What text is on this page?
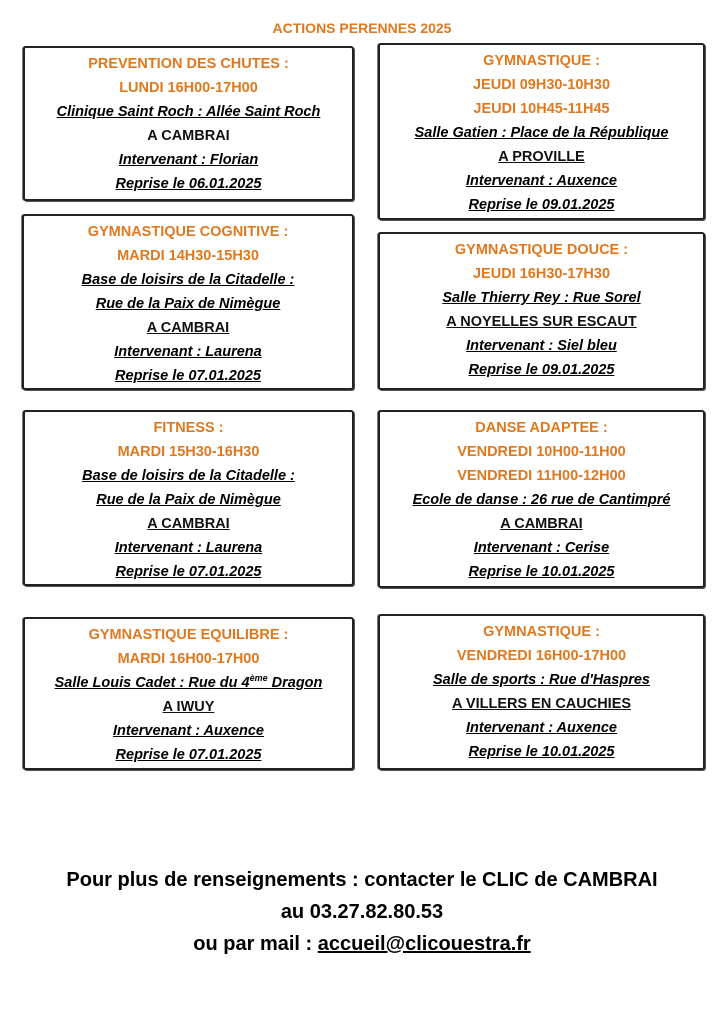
ACTIONS PERENNES 2025
PREVENTION DES CHUTES :
LUNDI 16H00-17H00
Clinique Saint Roch : Allée Saint Roch
A CAMBRAI
Intervenant : Florian
Reprise le 06.01.2025
GYMNASTIQUE :
JEUDI 09H30-10H30
JEUDI 10H45-11H45
Salle Gatien : Place de la République
A PROVILLE
Intervenant : Auxence
Reprise le 09.01.2025
GYMNASTIQUE COGNITIVE :
MARDI 14H30-15H30
Base de loisirs de la Citadelle :
Rue de la Paix de Nimègue
A CAMBRAI
Intervenant : Laurena
Reprise le 07.01.2025
GYMNASTIQUE DOUCE :
JEUDI 16H30-17H30
Salle Thierry Rey : Rue Sorel
A NOYELLES SUR ESCAUT
Intervenant : Siel bleu
Reprise le 09.01.2025
FITNESS :
MARDI 15H30-16H30
Base de loisirs de la Citadelle :
Rue de la Paix de Nimègue
A CAMBRAI
Intervenant : Laurena
Reprise le 07.01.2025
DANSE ADAPTEE :
VENDREDI 10H00-11H00
VENDREDI 11H00-12H00
Ecole de danse : 26 rue de Cantimpré
A CAMBRAI
Intervenant : Cerise
Reprise le 10.01.2025
GYMNASTIQUE EQUILIBRE :
MARDI 16H00-17H00
Salle Louis Cadet : Rue du 4ème Dragon
A IWUY
Intervenant : Auxence
Reprise le 07.01.2025
GYMNASTIQUE :
VENDREDI 16H00-17H00
Salle de sports : Rue d'Haspres
A VILLERS EN CAUCHIES
Intervenant : Auxence
Reprise le 10.01.2025
Pour plus de renseignements : contacter le CLIC de CAMBRAI
au 03.27.82.80.53
ou par mail : accueil@clicouestra.fr
